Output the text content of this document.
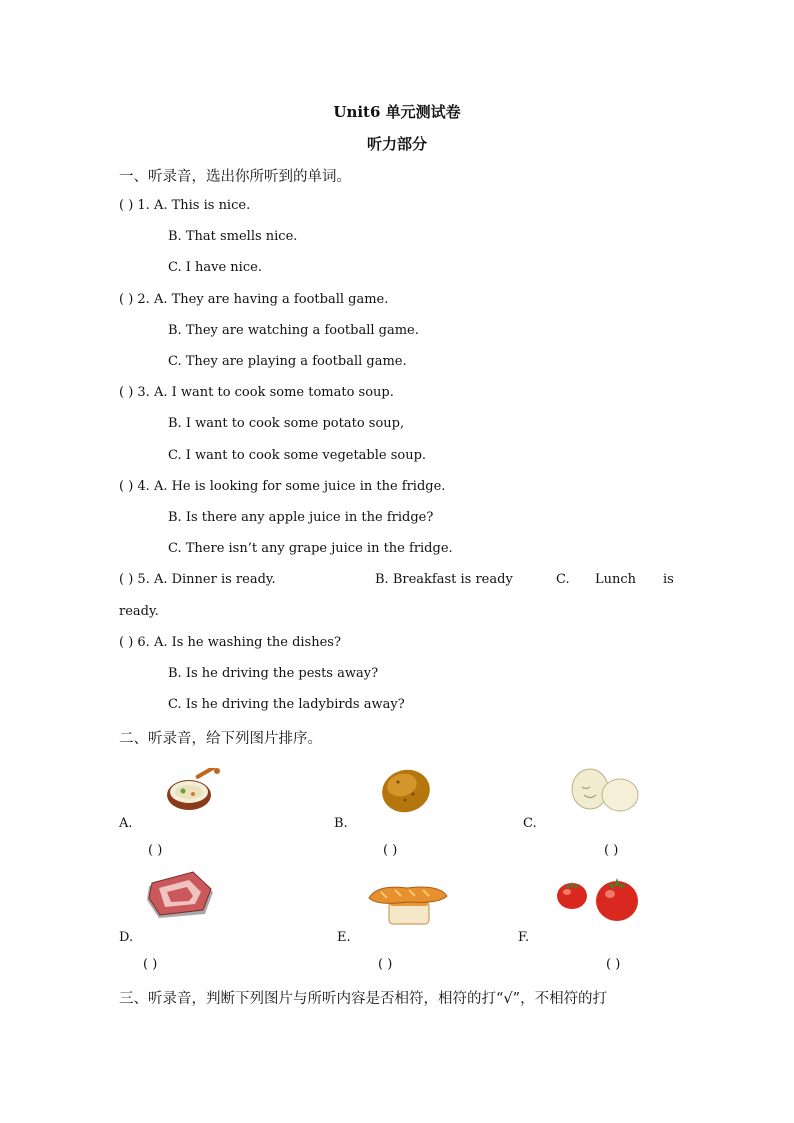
Unit6 单元测试卷
听力部分
一、听录音，选出你所听到的单词。
( ) 1. A. This is nice.
B. That smells nice.
C. I have nice.
( ) 2. A. They are having a football game.
B. They are watching a football game.
C. They are playing a football game.
( ) 3. A. I want to cook some tomato soup.
B. I want to cook some potato soup,
C. I want to cook some vegetable soup.
( ) 4. A. He is looking for some juice in the fridge.
B. Is there any apple juice in the fridge?
C. There isn’t any grape juice in the fridge.
( ) 5. A. Dinner is ready.	B. Breakfast is ready	C. Lunch is
ready.
( ) 6. A. Is he washing the dishes?
B. Is he driving the pests away?
C. Is he driving the ladybirds away?
二、听录音，给下列图片排序。
A.
( )
B.
( )
C.
( )
D.
( )
E.
( )
F.
( )
三、听录音，判断下列图片与所听内容是否相符，相符的打“√”，不相符的打
